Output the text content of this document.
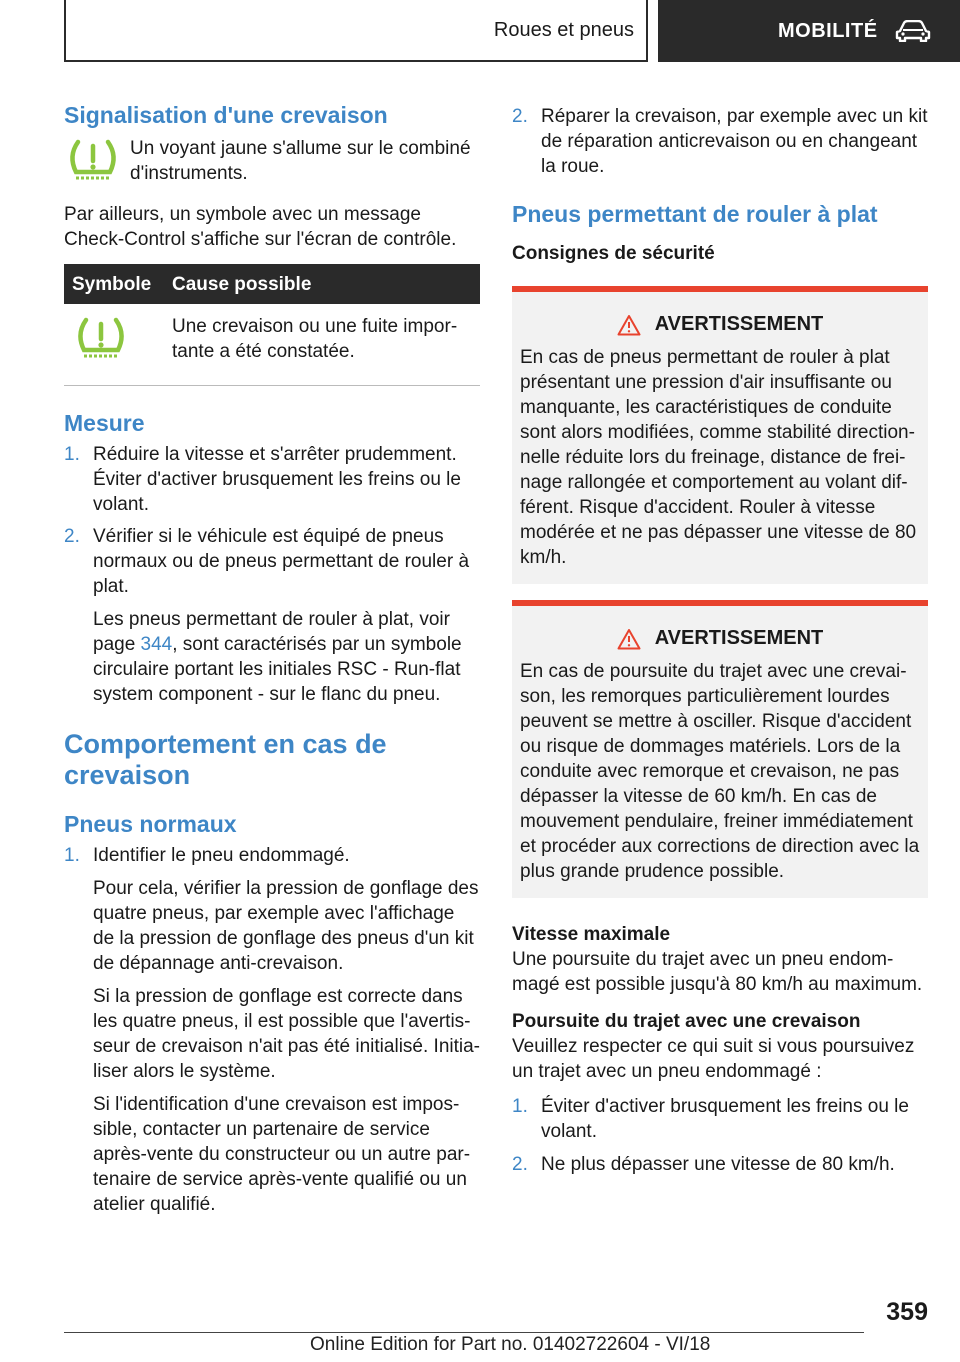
Roues et pneus	MOBILITÉ
Signalisation d'une crevaison

Un voyant jaune s'allume sur le combiné d'instruments.

Par ailleurs, un symbole avec un message Check-Control s'affiche sur l'écran de contrôle.

Symbole	Cause possible
	Une crevaison ou une fuite impor-tante a été constatée.
Mesure
1. Réduire la vitesse et s'arrêter prudemment. Éviter d'activer brusquement les freins ou le volant.

2. Vérifier si le véhicule est équipé de pneus normaux ou de pneus permettant de rouler à plat.

Les pneus permettant de rouler à plat, voir page 344, sont caractérisés par un symbole circulaire portant les initiales RSC - Run-flat system component - sur le flanc du pneu.

Comportement en cas de crevaison
Pneus normaux
1. Identifier le pneu endommagé.

Pour cela, vérifier la pression de gonflage des quatre pneus, par exemple avec l'affichage de la pression de gonflage des pneus d'un kit de dépannage anti-crevaison.

Si la pression de gonflage est correcte dans les quatre pneus, il est possible que l'avertis-seur de crevaison n'ait pas été initialisé. Initia-liser alors le système.

Si l'identification d'une crevaison est impos-sible, contacter un partenaire de service après-vente du constructeur ou un autre par-tenaire de service après-vente qualifié ou un atelier qualifié.

2. Réparer la crevaison, par exemple avec un kit de réparation anticrevaison ou en changeant la roue.

Pneus permettant de rouler à plat
Consignes de sécurité
AVERTISSEMENT

En cas de pneus permettant de rouler à plat présentant une pression d'air insuffisante ou manquante, les caractéristiques de conduite sont alors modifiées, comme stabilité direction-nelle réduite lors du freinage, distance de frei-nage rallongée et comportement au volant dif-férent. Risque d'accident. Rouler à vitesse modérée et ne pas dépasser une vitesse de 80 km/h.

AVERTISSEMENT

En cas de poursuite du trajet avec une crevai-son, les remorques particulièrement lourdes peuvent se mettre à osciller. Risque d'accident ou risque de dommages matériels. Lors de la conduite avec remorque et crevaison, ne pas dépasser la vitesse de 60 km/h. En cas de mouvement pendulaire, freiner immédiatement et procéder aux corrections de direction avec la plus grande prudence possible.

Vitesse maximale

Une poursuite du trajet avec un pneu endom-magé est possible jusqu'à 80 km/h au maximum.

Poursuite du trajet avec une crevaison

Veuillez respecter ce qui suit si vous poursuivez un trajet avec un pneu endommagé :

1. Éviter d'activer brusquement les freins ou le volant.

2. Ne plus dépasser une vitesse de 80 km/h.

359
Online Edition for Part no. 01402722604 - VI/18
